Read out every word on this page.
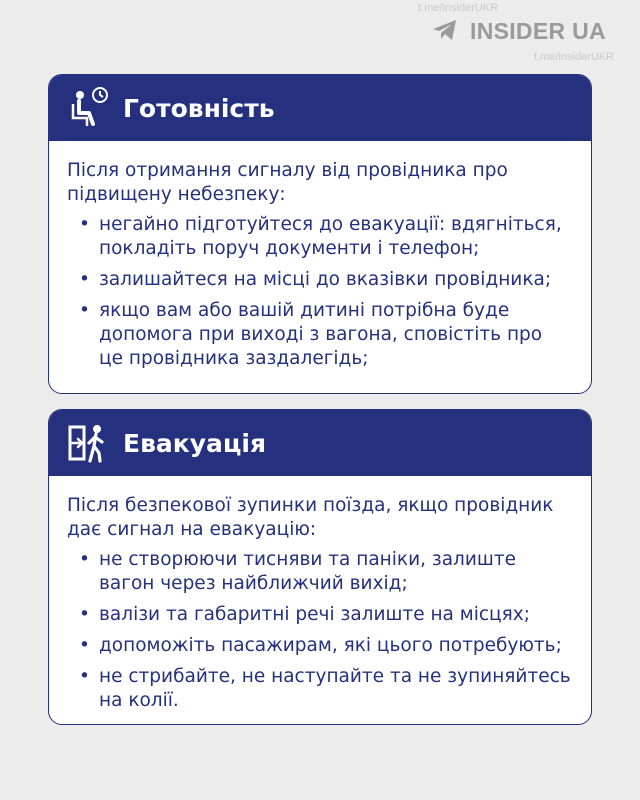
t.me/insiderUKR
INSIDER UA
t.me/insiderUKR
Готовність

Після отримання сигналу від провідника про підвищену небезпеку:

• негайно підготуйтеся до евакуації: вдягніться, покладіть поруч документи і телефон;
• залишайтеся на місці до вказівки провідника;
• якщо вам або вашій дитині потрібна буде допомога при виході з вагона, сповістіть про це провідника заздалегідь;
Евакуація

Після безпекової зупинки поїзда, якщо провідник дає сигнал на евакуацію:

• не створюючи тисняви та паніки, залиште вагон через найближчий вихід;
• валізи та габаритні речі залиште на місцях;
• допоможіть пасажирам, які цього потребують;
• не стрибайте, не наступайте та не зупиняйтесь на колії.
